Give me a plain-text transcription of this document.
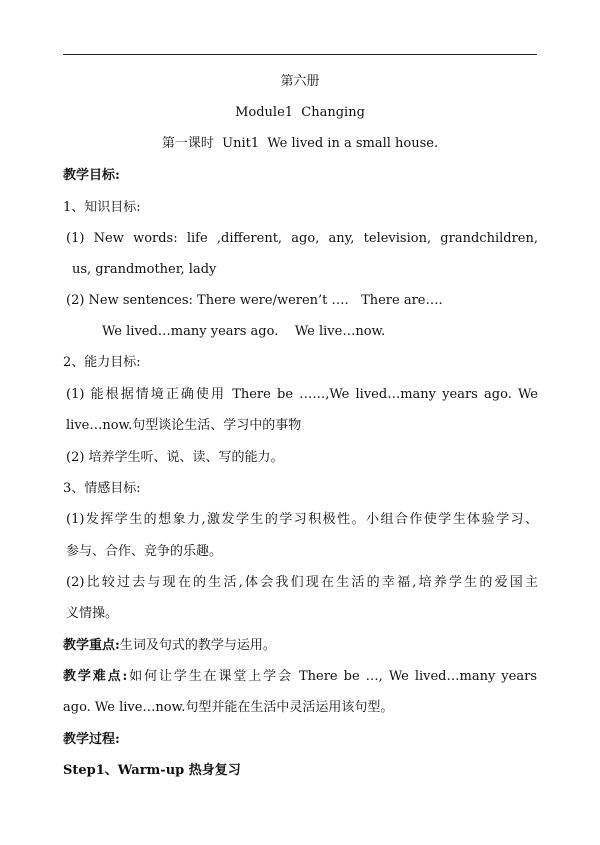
第六册
Module1  Changing
第一课时  Unit1  We lived in a small house.
教学目标:
1、知识目标:
(1) New words: life ,different, ago, any, television, grandchildren,
us, grandmother, lady
(2) New sentences: There were/weren’t ….   There are….
We lived…many years ago.    We live…now.
2、能力目标:
(1) 能根据情境正确使用 There be ……,We lived…many years ago. We
live…now.句型谈论生活、学习中的事物
(2) 培养学生听、说、读、写的能力。
3、情感目标:
(1)发挥学生的想象力,激发学生的学习积极性。小组合作使学生体验学习、
参与、合作、竞争的乐趣。
(2)比较过去与现在的生活,体会我们现在生活的幸福,培养学生的爱国主
义情操。
教学重点:生词及句式的教学与运用。
教学难点:如何让学生在课堂上学会 There be …, We lived…many years
ago. We live…now.句型并能在生活中灵活运用该句型。
教学过程:
Step1、Warm-up 热身复习
